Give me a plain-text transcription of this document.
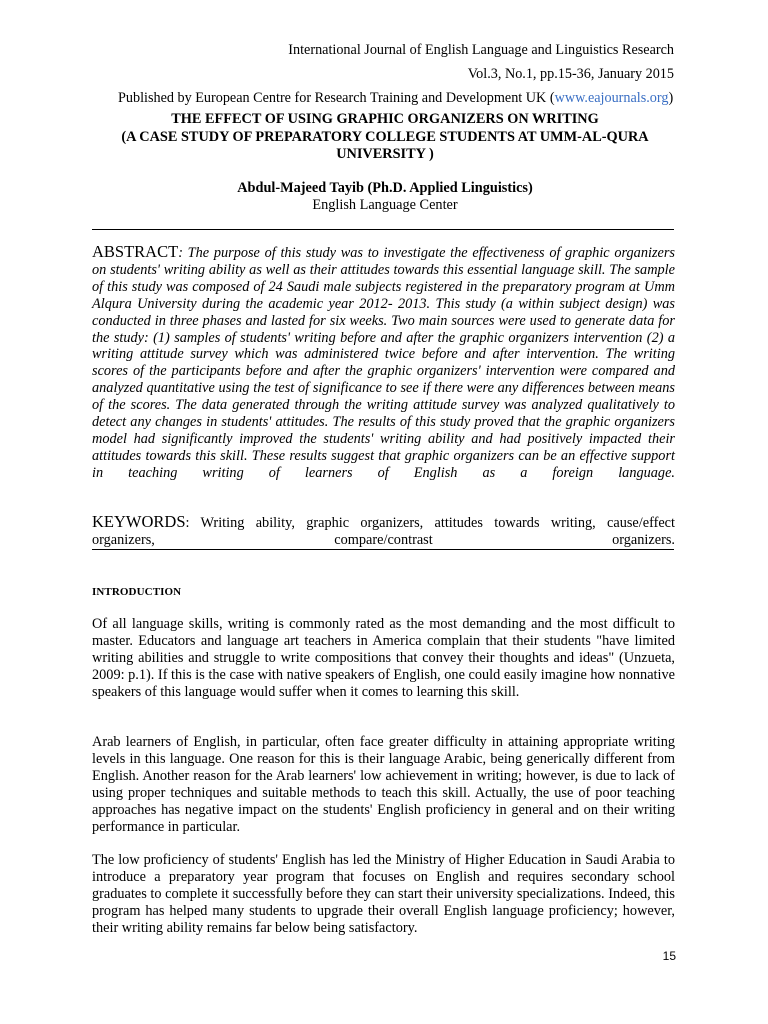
International Journal of English Language and Linguistics Research
Vol.3, No.1, pp.15-36, January 2015
Published by European Centre for Research Training and Development UK (www.eajournals.org)
THE EFFECT OF USING GRAPHIC ORGANIZERS ON WRITING
(A CASE STUDY OF PREPARATORY COLLEGE STUDENTS AT UMM-AL-QURA
UNIVERSITY )
Abdul-Majeed Tayib (Ph.D. Applied Linguistics)
English Language Center
ABSTRACT: The purpose of this study was to investigate the effectiveness of graphic organizers on students' writing ability as well as their attitudes towards this essential language skill. The sample of this study was composed of 24 Saudi male subjects registered in the preparatory program at Umm Alqura University during the academic year 2012- 2013. This study (a within subject design) was conducted in three phases and lasted for six weeks. Two main sources were used to generate data for the study: (1) samples of students' writing before and after the graphic organizers intervention (2) a writing attitude survey which was administered twice before and after intervention. The writing scores of the participants before and after the graphic organizers' intervention were compared and analyzed quantitative using the test of significance to see if there were any differences between means of the scores. The data generated through the writing attitude survey was analyzed qualitatively to detect any changes in students' attitudes. The results of this study proved that the graphic organizers model had significantly improved the students' writing ability and had positively impacted their attitudes towards this skill. These results suggest that graphic organizers can be an effective support in teaching writing of learners of English as a foreign language.
KEYWORDS: Writing ability, graphic organizers, attitudes towards writing, cause/effect organizers, compare/contrast organizers.
INTRODUCTION
Of all language skills, writing is commonly rated as the most demanding and the most difficult to master. Educators and language art teachers in America complain that their students "have limited writing abilities and struggle to write compositions that convey their thoughts and ideas" (Unzueta, 2009: p.1). If this is the case with native speakers of English, one could easily imagine how nonnative speakers of this language would suffer when it comes to learning this skill.
Arab learners of English, in particular, often face greater difficulty in attaining appropriate writing levels in this language. One reason for this is their language Arabic, being generically different from English. Another reason for the Arab learners' low achievement in writing; however, is due to lack of using proper techniques and suitable methods to teach this skill. Actually, the use of poor teaching approaches has negative impact on the students' English proficiency in general and on their writing performance in particular.
The low proficiency of students' English has led the Ministry of Higher Education in Saudi Arabia to introduce a preparatory year program that focuses on English and requires secondary school graduates to complete it successfully before they can start their university specializations. Indeed, this program has helped many students to upgrade their overall English language proficiency; however, their writing ability remains far below being satisfactory.
15
